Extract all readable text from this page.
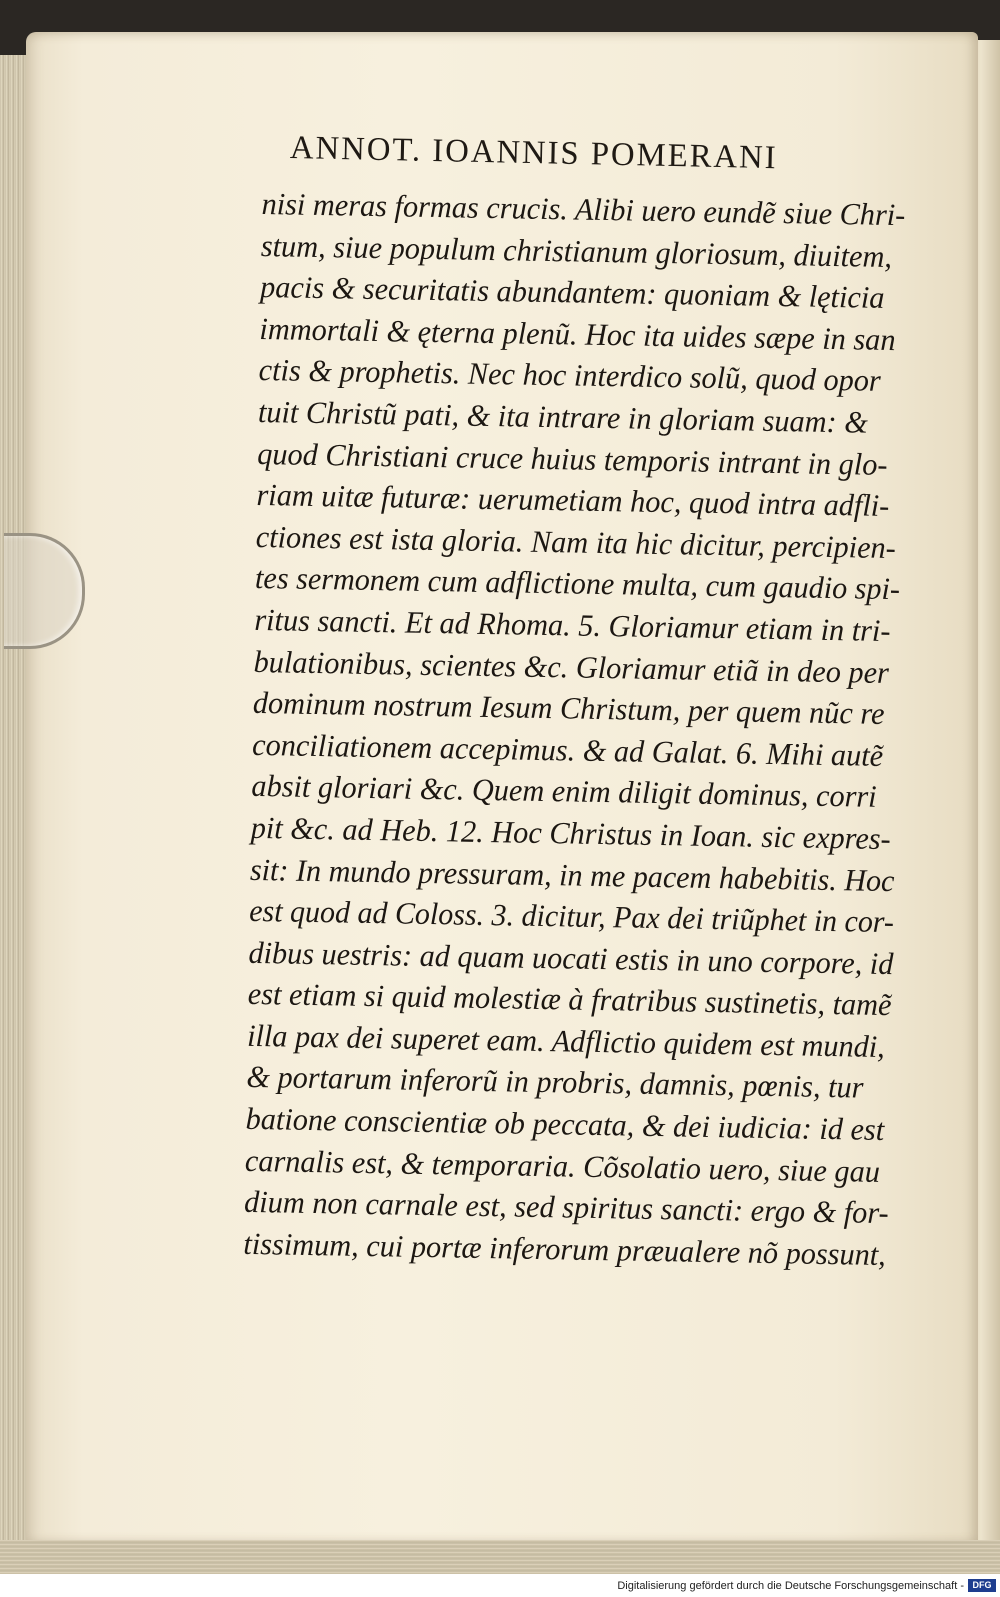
ANNOT. IOANNIS POMERANI
nisi meras formas crucis. Alibi uero eundẽ siue Chri-
stum, siue populum christianum gloriosum, diuitem,
pacis & securitatis abundantem: quoniam & lęticia
immortali & ęterna plenũ. Hoc ita uides sæpe in san
ctis & prophetis. Nec hoc interdico solũ, quod opor
tuit Christũ pati, & ita intrare in gloriam suam: &
quod Christiani cruce huius temporis intrant in glo-
riam uitæ futuræ: uerumetiam hoc, quod intra adfli-
ctiones est ista gloria. Nam ita hic dicitur, percipien-
tes sermonem cum adflictione multa, cum gaudio spi-
ritus sancti. Et ad Rhoma. 5. Gloriamur etiam in tri-
bulationibus, scientes &c. Gloriamur etiã in deo per
dominum nostrum Iesum Christum, per quem nũc re
conciliationem accepimus. & ad Galat. 6. Mihi autẽ
absit gloriari &c. Quem enim diligit dominus, corri
pit &c. ad Heb. 12. Hoc Christus in Ioan. sic expres-
sit: In mundo pressuram, in me pacem habebitis. Hoc
est quod ad Coloss. 3. dicitur, Pax dei triũphet in cor-
dibus uestris: ad quam uocati estis in uno corpore, id
est etiam si quid molestiæ à fratribus sustinetis, tamẽ
illa pax dei superet eam. Adflictio quidem est mundi,
& portarum inferorũ in probris, damnis, pœnis, tur
batione conscientiæ ob peccata, & dei iudicia: id est
carnalis est, & temporaria. Cõsolatio uero, siue gau
dium non carnale est, sed spiritus sancti: ergo & for-
tissimum, cui portæ inferorum præualere nõ possunt,
Digitalisierung gefördert durch die Deutsche Forschungsgemeinschaft - DFG
